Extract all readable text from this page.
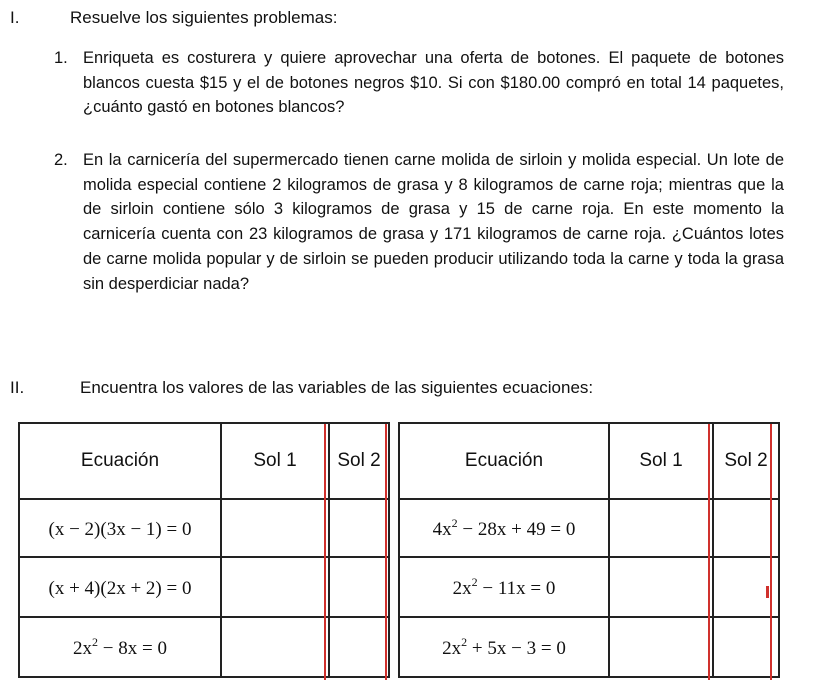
I.	Resuelve los siguientes problemas:
1. Enriqueta es costurera y quiere aprovechar una oferta de botones. El paquete de botones blancos cuesta $15 y el de botones negros $10. Si con $180.00 compró en total 14 paquetes, ¿cuánto gastó en botones blancos?
2. En la carnicería del supermercado tienen carne molida de sirloin y molida especial. Un lote de molida especial contiene 2 kilogramos de grasa y 8 kilogramos de carne roja; mientras que la de sirloin contiene sólo 3 kilogramos de grasa y 15 de carne roja. En este momento la carnicería cuenta con 23 kilogramos de grasa y 171 kilogramos de carne roja. ¿Cuántos lotes de carne molida popular y de sirloin se pueden producir utilizando toda la carne y toda la grasa sin desperdiciar nada?
II.	Encuentra los valores de las variables de las siguientes ecuaciones:
Ecuación	Sol 1	Sol 2
(x − 2)(3x − 1) = 0		
(x + 4)(2x + 2) = 0		
$2x^2 - 8x = 0$		
Ecuación	Sol 1	Sol 2
$4x^2 - 28x + 49 = 0$		
$2x^2 - 11x = 0$		
$2x^2 + 5x - 3 = 0$		
